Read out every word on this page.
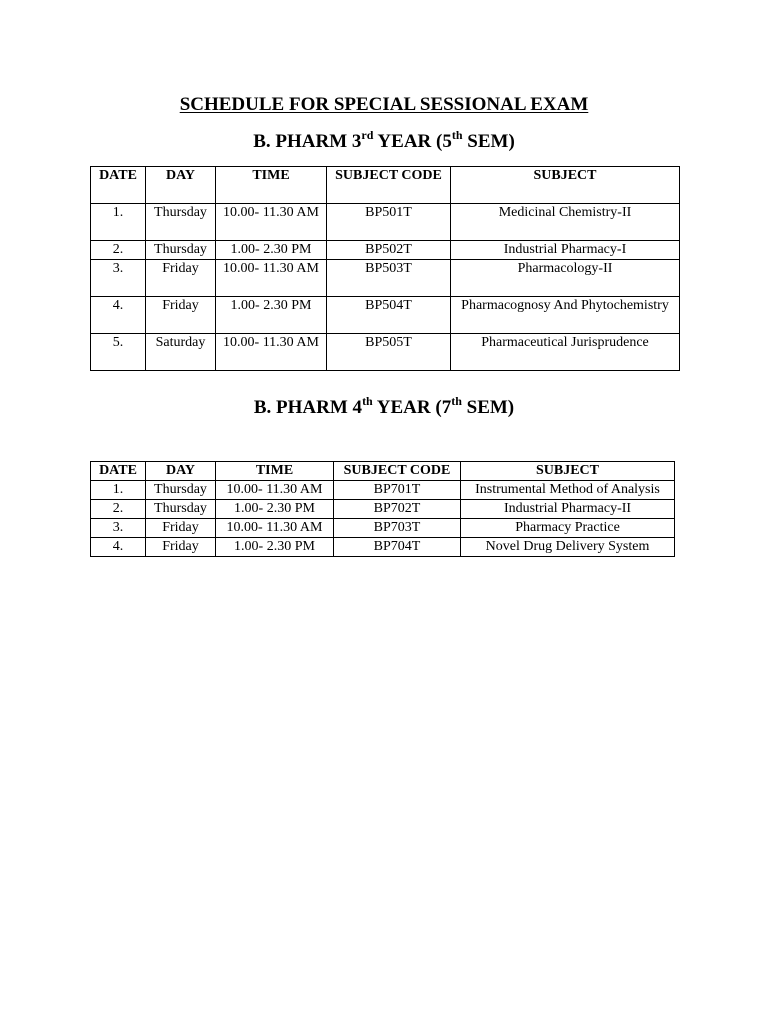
SCHEDULE FOR SPECIAL SESSIONAL EXAM
B. PHARM 3rd YEAR (5th SEM)
DATE	DAY	TIME	SUBJECT CODE	SUBJECT
1.	Thursday	10.00- 11.30 AM	BP501T	Medicinal Chemistry-II
2.	Thursday	1.00- 2.30 PM	BP502T	Industrial Pharmacy-I
3.	Friday	10.00- 11.30 AM	BP503T	Pharmacology-II
4.	Friday	1.00- 2.30 PM	BP504T	Pharmacognosy And Phytochemistry
5.	Saturday	10.00- 11.30 AM	BP505T	Pharmaceutical Jurisprudence
B. PHARM 4th YEAR (7th SEM)
DATE	DAY	TIME	SUBJECT CODE	SUBJECT
1.	Thursday	10.00- 11.30 AM	BP701T	Instrumental Method of Analysis
2.	Thursday	1.00- 2.30 PM	BP702T	Industrial Pharmacy-II
3.	Friday	10.00- 11.30 AM	BP703T	Pharmacy Practice
4.	Friday	1.00- 2.30 PM	BP704T	Novel Drug Delivery System
